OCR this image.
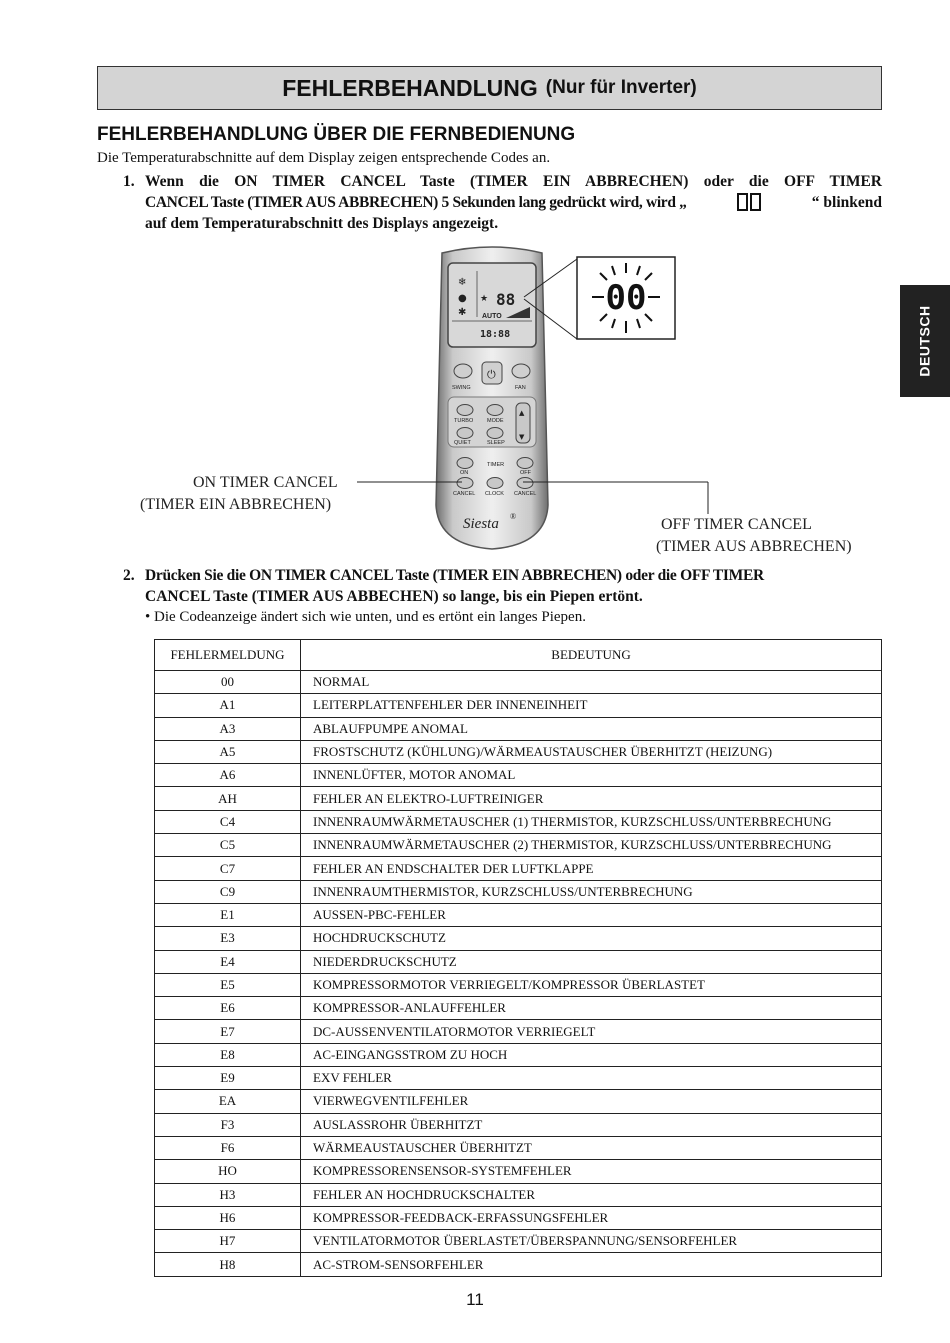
FEHLERBEHANDLUNG (Nur für Inverter)
DEUTSCH
FEHLERBEHANDLUNG ÜBER DIE FERNBEDIENUNG
Die Temperaturabschnitte auf dem Display zeigen entsprechende Codes an.
1. Wenn die ON TIMER CANCEL Taste (TIMER EIN ABBRECHEN) oder die OFF TIMER
CANCEL Taste (TIMER AUS ABBRECHEN) 5 Sekunden lang gedrückt wird, wird „	“ blinkend
auf dem Temperaturabschnitt des Displays angezeigt.
❄
●
✱
★ 88
AUTO
18:88
⏻
SWING	FAN
TURBO	MODE
QUIET	SLEEP
▲
▼
TIMER
ON	OFF
CANCEL CLOCK CANCEL
Siesta ®
00
ON TIMER CANCEL
(TIMER EIN ABBRECHEN)
OFF TIMER CANCEL
(TIMER AUS ABBRECHEN)
2. Drücken Sie die ON TIMER CANCEL Taste (TIMER EIN ABBRECHEN) oder die OFF TIMER
CANCEL Taste (TIMER AUS ABBECHEN) so lange, bis ein Piepen ertönt.
• Die Codeanzeige ändert sich wie unten, und es ertönt ein langes Piepen.
FEHLERMELDUNG	BEDEUTUNG
00	NORMAL
A1	LEITERPLATTENFEHLER DER INNENEINHEIT
A3	ABLAUFPUMPE ANOMAL
A5	FROSTSCHUTZ (KÜHLUNG)/WÄRMEAUSTAUSCHER ÜBERHITZT (HEIZUNG)
A6	INNENLÜFTER, MOTOR ANOMAL
AH	FEHLER AN ELEKTRO-LUFTREINIGER
C4	INNENRAUMWÄRMETAUSCHER (1) THERMISTOR, KURZSCHLUSS/UNTERBRECHUNG
C5	INNENRAUMWÄRMETAUSCHER (2) THERMISTOR, KURZSCHLUSS/UNTERBRECHUNG
C7	FEHLER AN ENDSCHALTER DER LUFTKLAPPE
C9	INNENRAUMTHERMISTOR, KURZSCHLUSS/UNTERBRECHUNG
E1	AUSSEN-PBC-FEHLER
E3	HOCHDRUCKSCHUTZ
E4	NIEDERDRUCKSCHUTZ
E5	KOMPRESSORMOTOR VERRIEGELT/KOMPRESSOR ÜBERLASTET
E6	KOMPRESSOR-ANLAUFFEHLER
E7	DC-AUSSENVENTILATORMOTOR VERRIEGELT
E8	AC-EINGANGSSTROM ZU HOCH
E9	EXV FEHLER
EA	VIERWEGVENTILFEHLER
F3	AUSLASSROHR ÜBERHITZT
F6	WÄRMEAUSTAUSCHER ÜBERHITZT
HO	KOMPRESSORENSENSOR-SYSTEMFEHLER
H3	FEHLER AN HOCHDRUCKSCHALTER
H6	KOMPRESSOR-FEEDBACK-ERFASSUNGSFEHLER
H7	VENTILATORMOTOR ÜBERLASTET/ÜBERSPANNUNG/SENSORFEHLER
H8	AC-STROM-SENSORFEHLER
11
